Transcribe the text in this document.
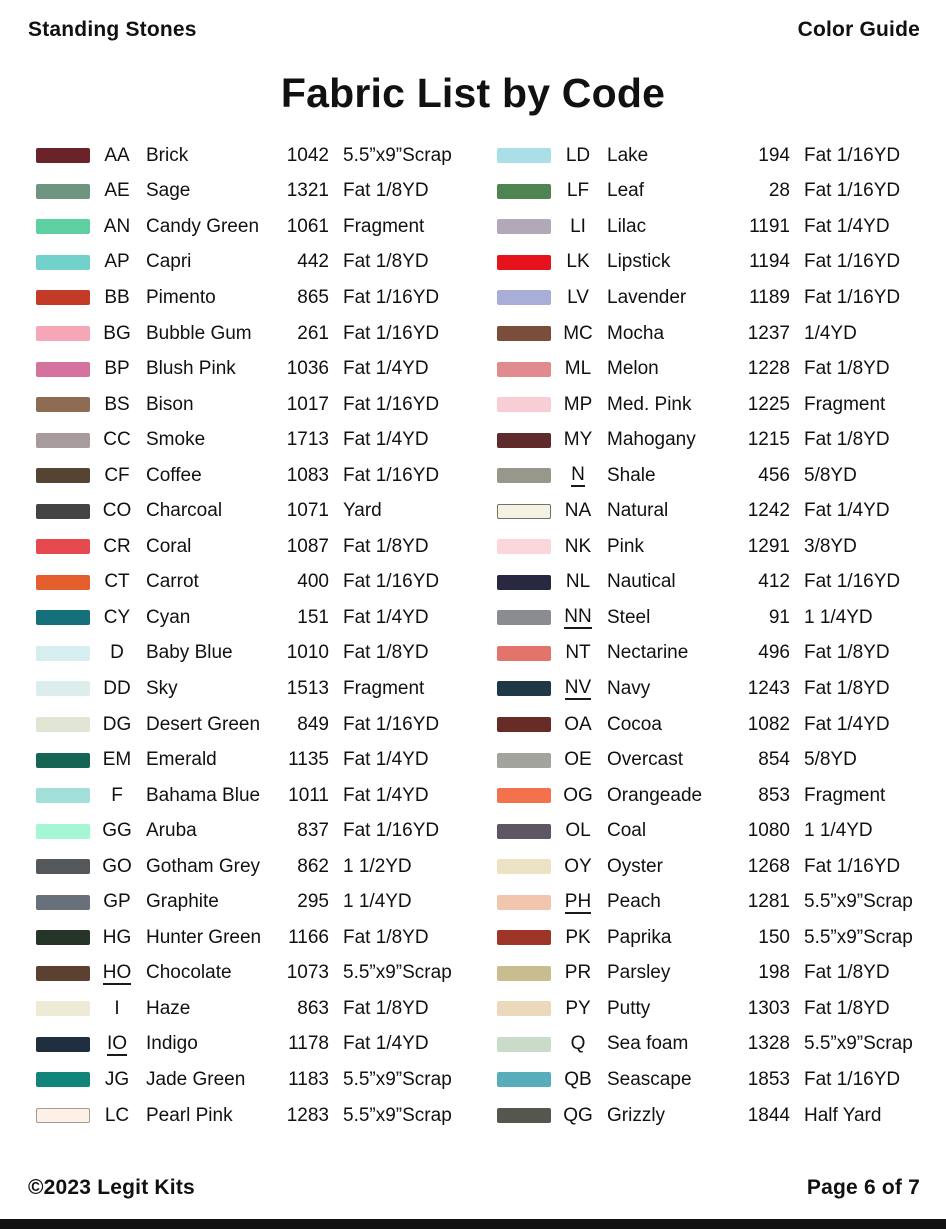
Standing Stones	Color Guide
Fabric List by Code
AA Brick	1042 5.5”x9”Scrap
AE Sage	1321 Fat 1/8YD
AN Candy Green	1061 Fragment
AP Capri	442 Fat 1/8YD
BB Pimento	865 Fat 1/16YD
BG Bubble Gum	261 Fat 1/16YD
BP Blush Pink	1036 Fat 1/4YD
BS Bison	1017 Fat 1/16YD
CC Smoke	1713 Fat 1/4YD
CF Coffee	1083 Fat 1/16YD
CO Charcoal	1071 Yard
CR Coral	1087 Fat 1/8YD
CT Carrot	400 Fat 1/16YD
CY Cyan	151 Fat 1/4YD
D	Baby Blue	1010 Fat 1/8YD
DD Sky	1513 Fragment
DG Desert Green	849 Fat 1/16YD
EM Emerald	1135 Fat 1/4YD
F	Bahama Blue	1011 Fat 1/4YD
GG Aruba	837 Fat 1/16YD
GO Gotham Grey	862 1 1/2YD
GP Graphite	295 1 1/4YD
HG Hunter Green	1166 Fat 1/8YD
HO Chocolate	1073 5.5”x9”Scrap
I	Haze	863 Fat 1/8YD
IO Indigo	1178 Fat 1/4YD
JG Jade Green	1183 5.5”x9”Scrap
LC Pearl Pink	1283 5.5”x9”Scrap
LD Lake	194 Fat 1/16YD
LF Leaf	28 Fat 1/16YD
LI	Lilac	1191 Fat 1/4YD
LK Lipstick	1194 Fat 1/16YD
LV Lavender	1189 Fat 1/16YD
MC Mocha	1237 1/4YD
ML Melon	1228 Fat 1/8YD
MP Med. Pink	1225 Fragment
MY Mahogany	1215 Fat 1/8YD
N	Shale	456 5/8YD
NA Natural	1242 Fat 1/4YD
NK Pink	1291 3/8YD
NL Nautical	412 Fat 1/16YD
NN Steel	91 1 1/4YD
NT Nectarine	496 Fat 1/8YD
NV Navy	1243 Fat 1/8YD
OA Cocoa	1082 Fat 1/4YD
OE Overcast	854 5/8YD
OG Orangeade	853 Fragment
OL Coal	1080 1 1/4YD
OY Oyster	1268 Fat 1/16YD
PH Peach	1281 5.5”x9”Scrap
PK Paprika	150 5.5”x9”Scrap
PR Parsley	198 Fat 1/8YD
PY Putty	1303 Fat 1/8YD
Q	Sea foam	1328 5.5”x9”Scrap
QB Seascape	1853 Fat 1/16YD
QG Grizzly	1844 Half Yard
©2023 Legit Kits	Page 6 of 7
